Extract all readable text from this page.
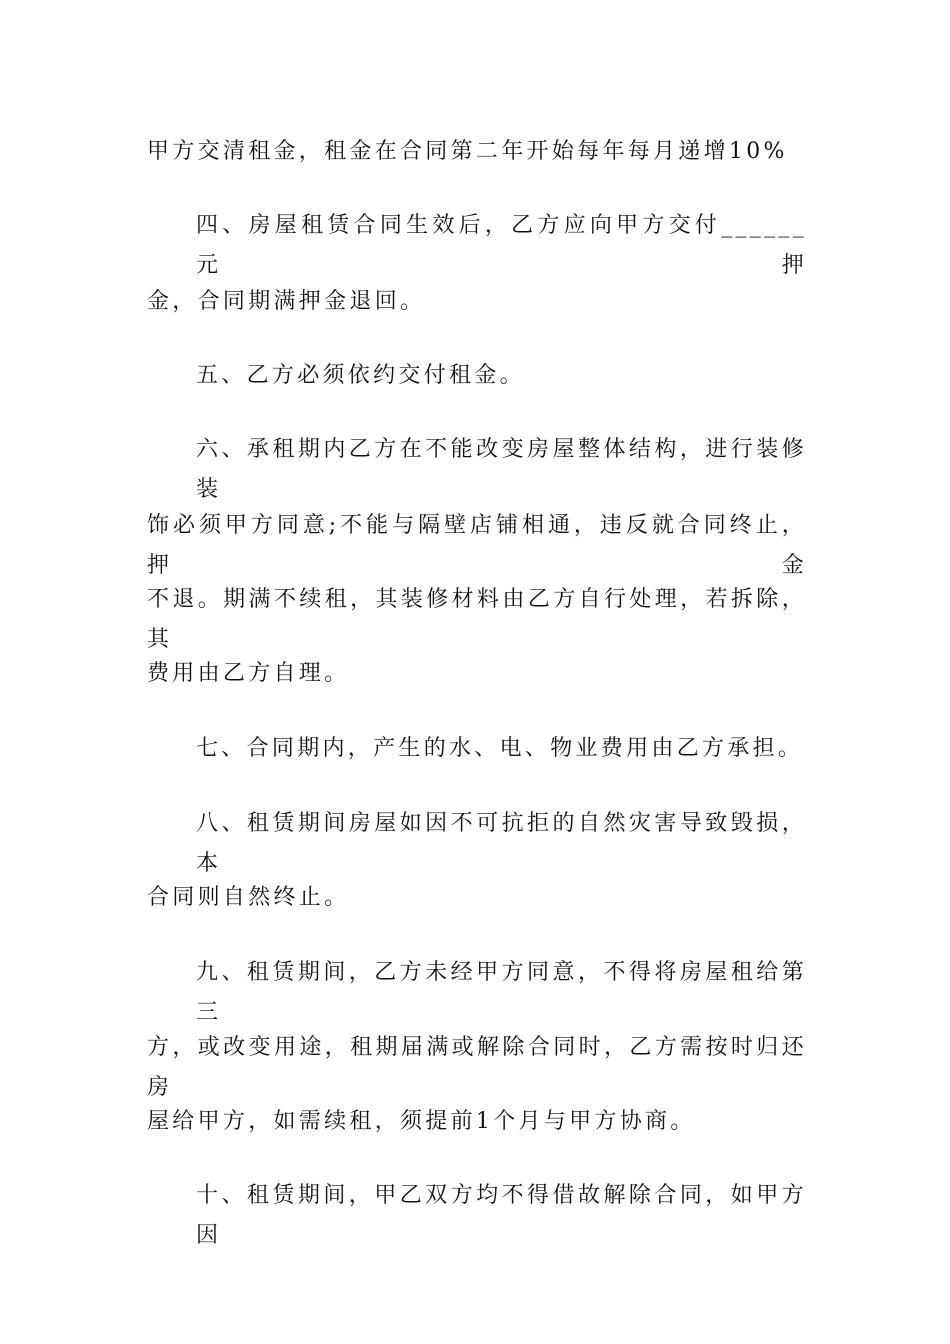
甲方交清租金，租金在合同第二年开始每年每月递增10%
四、房屋租赁合同生效后，乙方应向甲方交付______元押
金，合同期满押金退回。
五、乙方必须依约交付租金。
六、承租期内乙方在不能改变房屋整体结构，进行装修装
饰必须甲方同意;不能与隔壁店铺相通，违反就合同终止，押金
不退。期满不续租，其装修材料由乙方自行处理，若拆除，其
费用由乙方自理。
七、合同期内，产生的水、电、物业费用由乙方承担。
八、租赁期间房屋如因不可抗拒的自然灾害导致毁损，本
合同则自然终止。
九、租赁期间，乙方未经甲方同意，不得将房屋租给第三
方，或改变用途，租期届满或解除合同时，乙方需按时归还房
屋给甲方，如需续租，须提前1个月与甲方协商。
十、租赁期间，甲乙双方均不得借故解除合同，如甲方因
